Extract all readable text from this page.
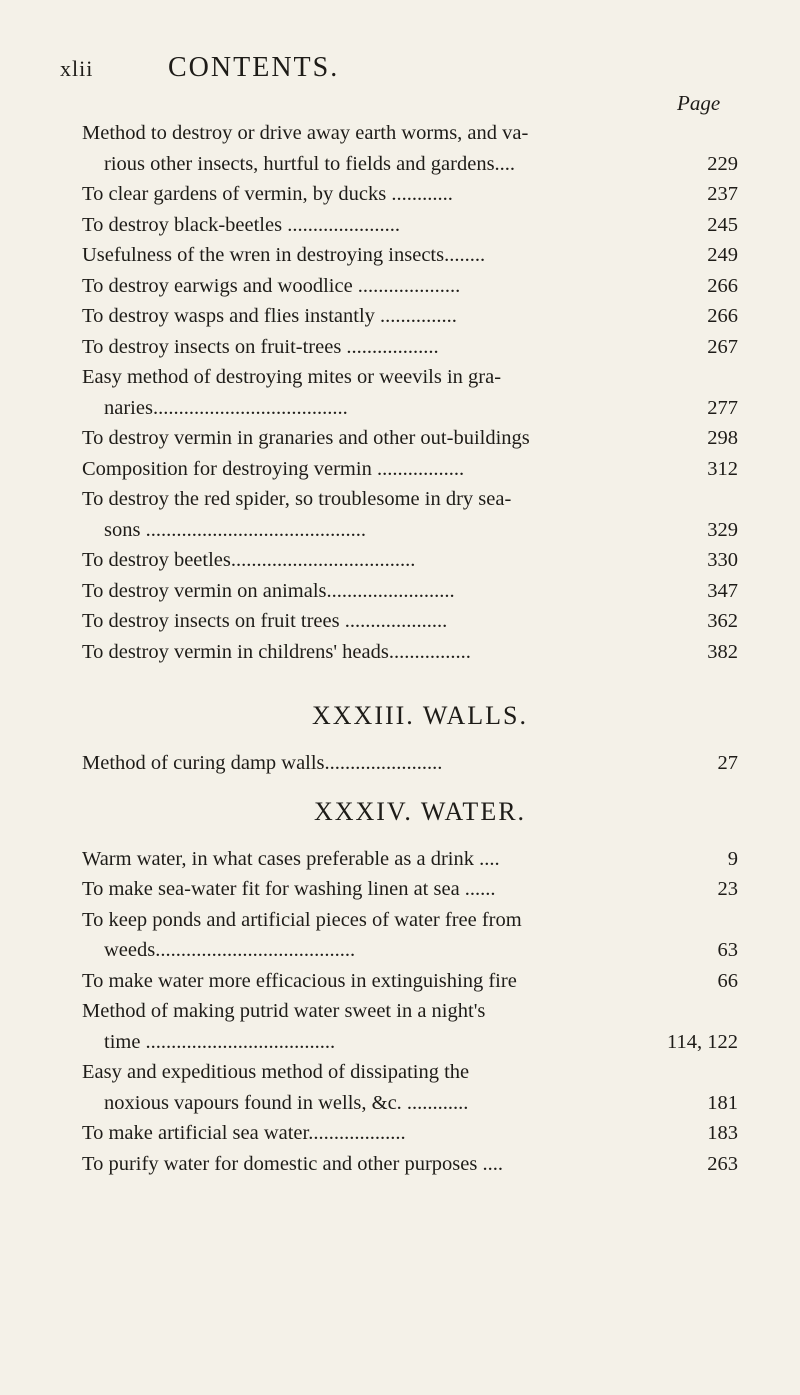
xlii	CONTENTS.
Page
Method to destroy or drive away earth worms, and va-
rious other insects, hurtful to fields and gardens....	229
To clear gardens of vermin, by ducks ............	237
To destroy black-beetles ......................	245
Usefulness of the wren in destroying insects........	249
To destroy earwigs and woodlice ....................	266
To destroy wasps and flies instantly ...............	266
To destroy insects on fruit-trees ..................	267
Easy method of destroying mites or weevils in gra-
naries......................................	277
To destroy vermin in granaries and other out-buildings	298
Composition for destroying vermin .................	312
To destroy the red spider, so troublesome in dry sea-
sons ...........................................	329
To destroy beetles....................................	330
To destroy vermin on animals.........................	347
To destroy insects on fruit trees ....................	362
To destroy vermin in childrens' heads................	382
XXXIII. WALLS.
Method of curing damp walls.......................	27
XXXIV. WATER.
Warm water, in what cases preferable as a drink ....	9
To make sea-water fit for washing linen at sea ......	23
To keep ponds and artificial pieces of water free from
weeds.......................................	63
To make water more efficacious in extinguishing fire	66
Method of making putrid water sweet in a night's
time .....................................	114, 122
Easy and expeditious method of dissipating the
noxious vapours found in wells, &c. ............	181
To make artificial sea water...................	183
To purify water for domestic and other purposes ....	263
